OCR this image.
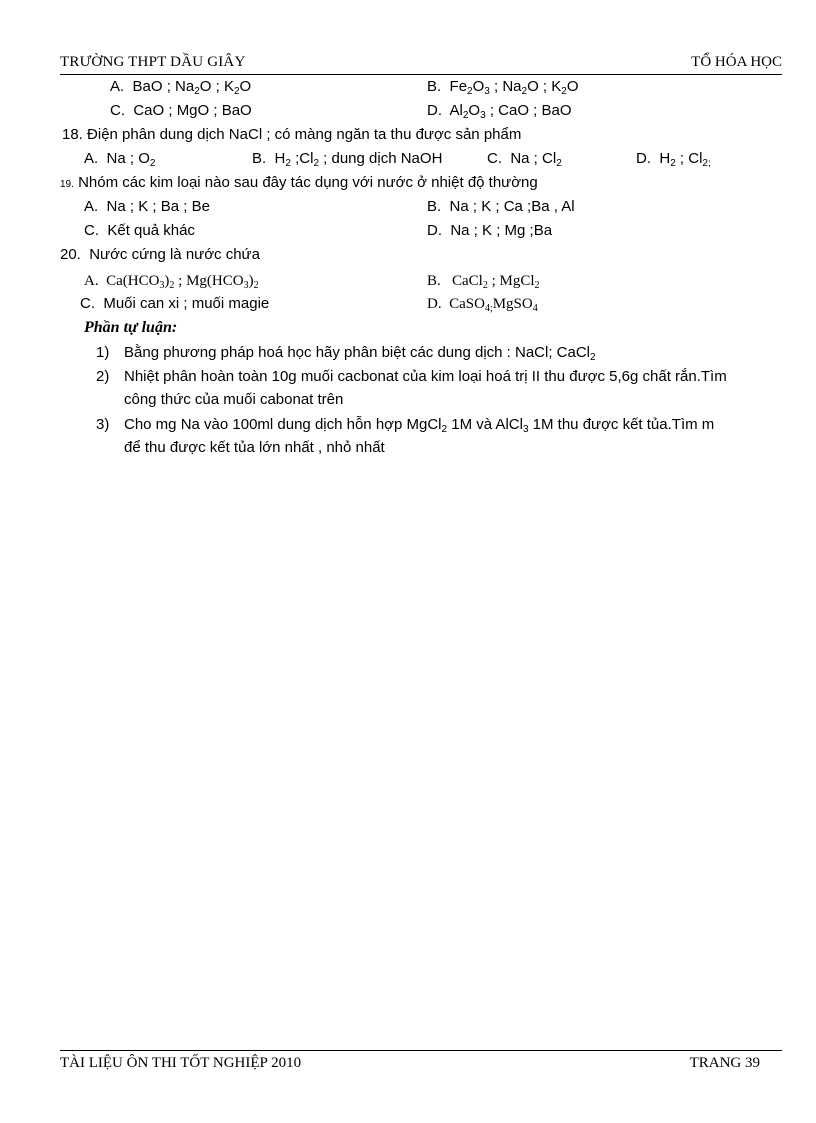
TRƯỜNG THPT DẦU GIÂY	TỔ HÓA HỌC
A. BaO ; $Na_2O$ ; $K_2O$	B. $Fe_2O_3$ ; $Na_2O$ ; $K_2O$
C. CaO ; MgO ; BaO	D. $Al_2O_3$ ; CaO ; BaO
18. Điện phân dung dịch NaCl ; có màng ngăn ta thu được sản phẩm
A. Na ; $O_2$	B. $H_2$ $;Cl_2$ ; dung dịch NaOH	C. Na ; $Cl_2$	D. $H_2$ ; $Cl_{2;}$
19. Nhóm các kim loại nào sau đây tác dụng với nước ở nhiệt độ thường
A. Na ; K ; Ba ; Be	B. Na ; K ; Ca ;Ba , Al
C. Kết quả khác	D. Na ; K ; Mg ;Ba
20. Nước cứng là nước chứa
A. $Ca(HCO_3)_2$ ; $Mg(HCO_3)_2$	B. CaCl$_2$ ; MgCl$_2$
C. Muối can xi ; muối magie	D. CaSO$_{4;}$MgSO$_4$
Phần tự luận:
1) Bằng phương pháp hoá học hãy phân biệt các dung dịch : NaCl; CaCl$_2$
2) Nhiệt phân hoàn toàn 10g muối cacbonat của kim loại hoá trị II thu được 5,6g chất rắn.Tìm
công thức của muối cabonat trên
3) Cho mg Na vào 100ml dung dịch hỗn hợp MgCl$_2$ 1M và AlCl$_3$ 1M thu được kết tủa.Tìm m
để thu được kết tủa lớn nhất , nhỏ nhất
TÀI LIỆU ÔN THI TỐT NGHIỆP 2010	TRANG 39
